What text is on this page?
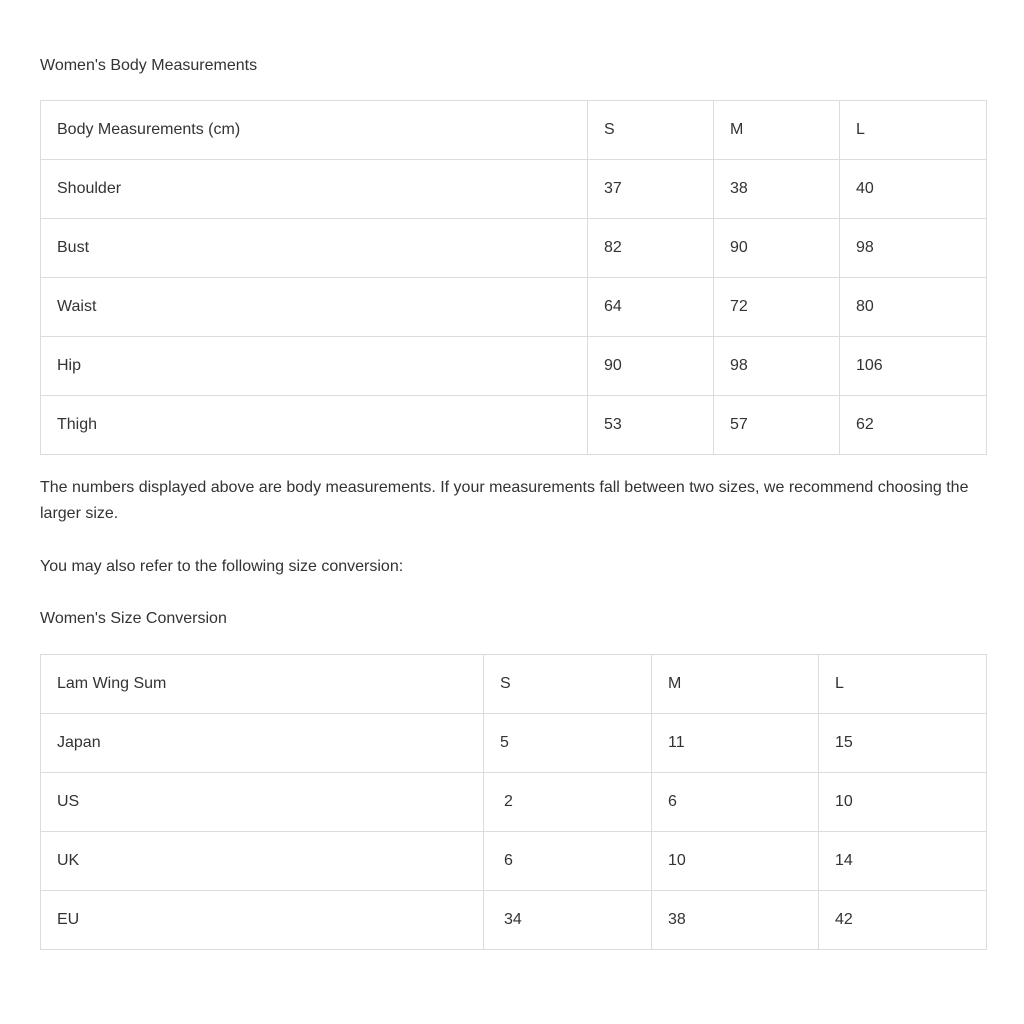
Women's Body Measurements
Body Measurements (cm)	S	M	L
Shoulder	37	38	40
Bust	82	90	98
Waist	64	72	80
Hip	90	98	106
Thigh	53	57	62
The numbers displayed above are body measurements. If your measurements fall between two sizes, we recommend choosing the larger size.
You may also refer to the following size conversion:
Women's Size Conversion
Lam Wing Sum	S	M	L
Japan	5	11	15
US	2	6	10
UK	6	10	14
EU	34	38	42
